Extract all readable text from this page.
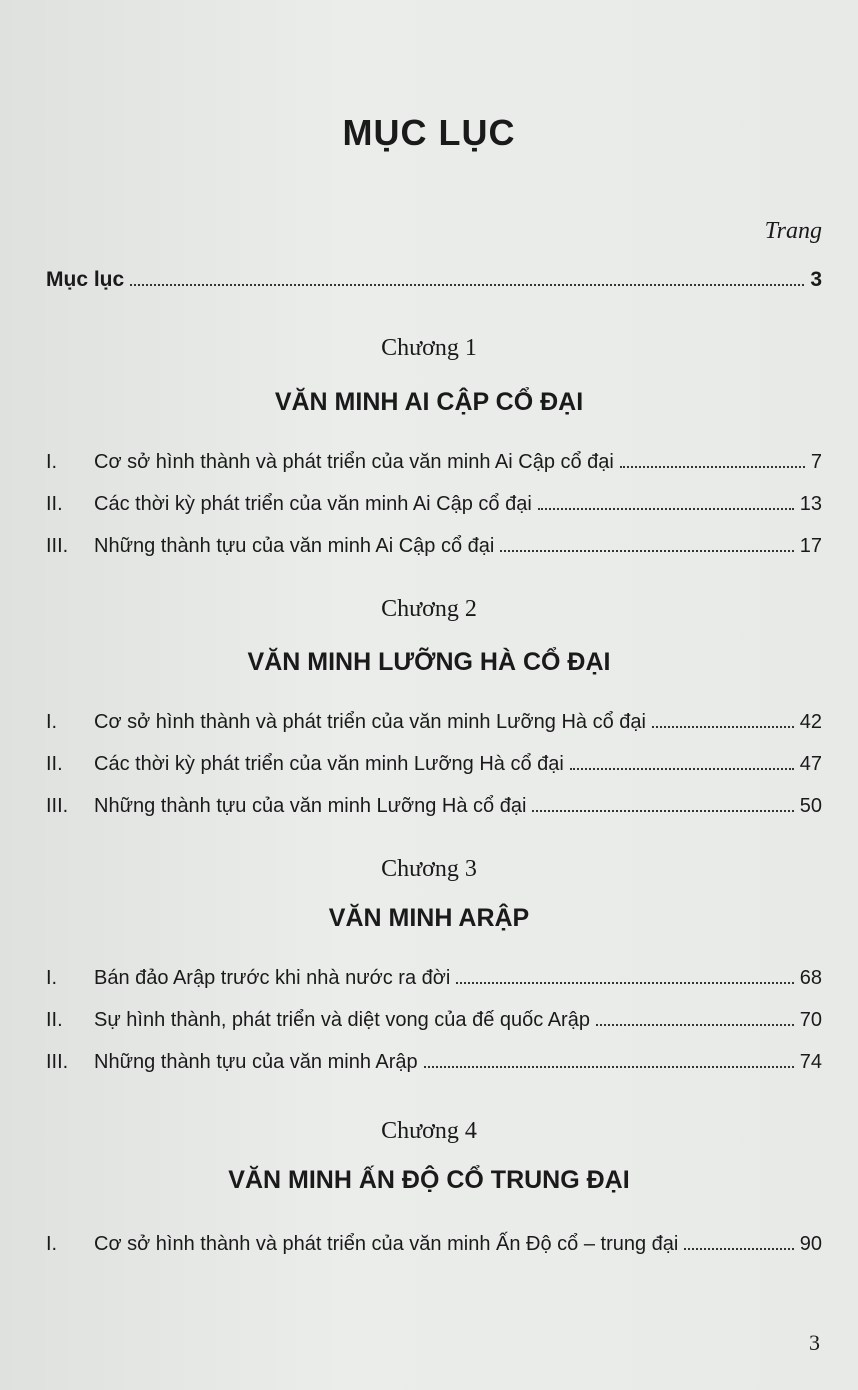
MỤC LỤC
Trang
Mục lục	3
Chương 1
VĂN MINH AI CẬP CỔ ĐẠI
I.	Cơ sở hình thành và phát triển của văn minh Ai Cập cổ đại	7
II.	Các thời kỳ phát triển của văn minh Ai Cập cổ đại	13
III.	Những thành tựu của văn minh Ai Cập cổ đại	17
Chương 2
VĂN MINH LƯỠNG HÀ CỔ ĐẠI
I.	Cơ sở hình thành và phát triển của văn minh Lưỡng Hà cổ đại	42
II.	Các thời kỳ phát triển của văn minh Lưỡng Hà cổ đại	47
III.	Những thành tựu của văn minh Lưỡng Hà cổ đại	50
Chương 3
VĂN MINH ARẬP
I.	Bán đảo Arập trước khi nhà nước ra đời	68
II.	Sự hình thành, phát triển và diệt vong của đế quốc Arập	70
III.	Những thành tựu của văn minh Arập	74
Chương 4
VĂN MINH ẤN ĐỘ CỔ TRUNG ĐẠI
I.	Cơ sở hình thành và phát triển của văn minh Ấn Độ cổ – trung đại	90
3
